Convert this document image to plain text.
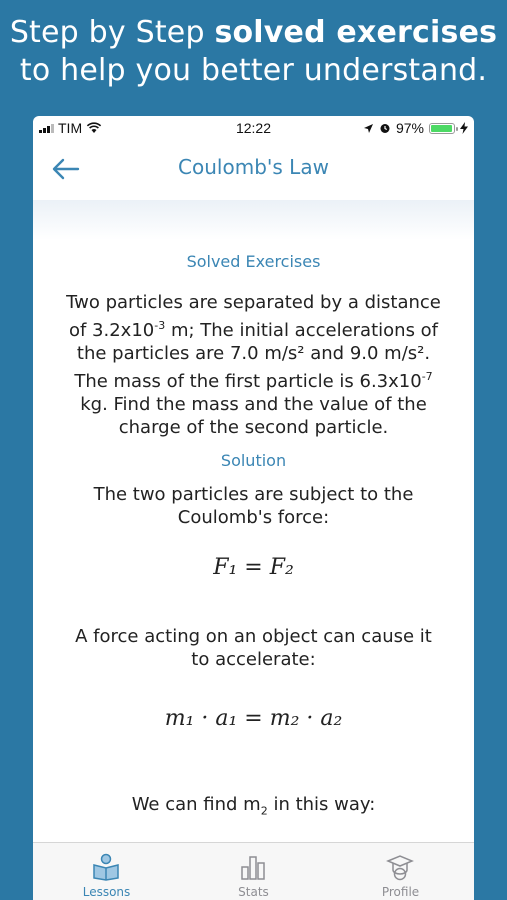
Step by Step solved exercises
to help you better understand.
TIM	12:22	97%
Coulomb's Law
Solved Exercises
Two particles are separated by a distance
of $3.2x10^{-3}$ m; The initial accelerations of
the particles are 7.0 m/s² and 9.0 m/s².
The mass of the first particle is $6.3x10^{-7}$
kg. Find the mass and the value of the
charge of the second particle.
Solution
The two particles are subject to the
Coulomb's force:
F₁ = F₂
A force acting on an object can cause it
to accelerate:
m₁ · a₁ = m₂ · a₂
We can find $m_2$ in this way:
Lessons	Stats	Profile
